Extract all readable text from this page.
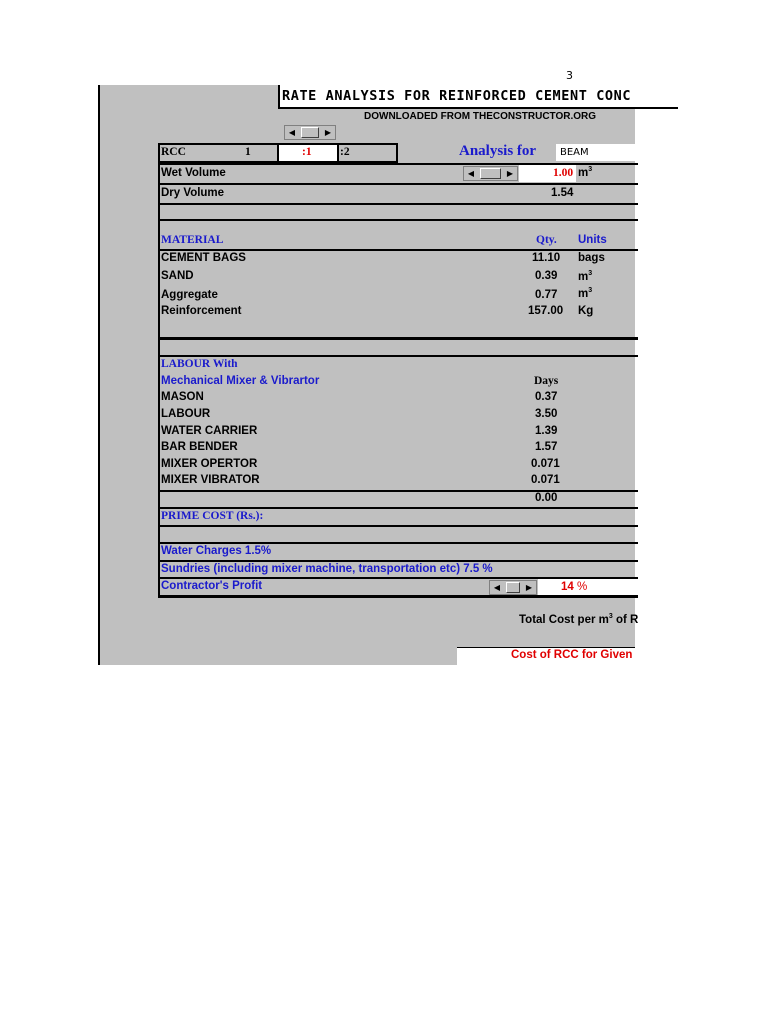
3
RATE ANALYSIS FOR REINFORCED CEMENT CONC
DOWNLOADED FROM THECONSTRUCTOR.ORG
◀	▶
RCC	1	:1 :2	Analysis for BEAM
Wet Volume	◀	▶	1.00 $m^3$
Dry Volume	1.54
MATERIAL	Qty. Units
CEMENT BAGS	11.10 bags
SAND	0.39 $m^3$
Aggregate	0.77 $m^3$
Reinforcement	157.00 Kg
LABOUR With
Mechanical Mixer & Vibrartor	Days
MASON	0.37
LABOUR	3.50
WATER CARRIER	1.39
BAR BENDER	1.57
MIXER OPERTOR	0.071
MIXER VIBRATOR	0.071
0.00
PRIME COST (Rs.):
Water Charges 1.5%
Sundries (including mixer machine, transportation etc) 7.5 %
Contractor's Profit	◀	▶	14 %
Total Cost per $m^3$ of R
Cost of RCC for Given
